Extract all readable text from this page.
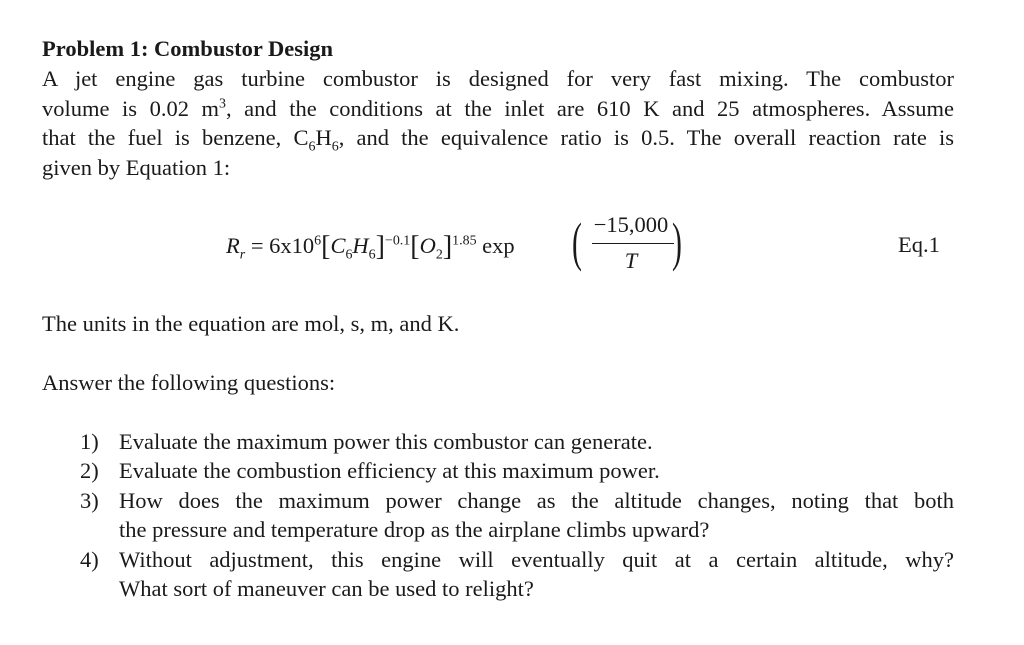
Problem 1: Combustor Design
A jet engine gas turbine combustor is designed for very fast mixing. The combustor
volume is 0.02 $m^3$, and the conditions at the inlet are 610 K and 25 atmospheres. Assume
that the fuel is benzene, $C_6H_6$, and the equivalence ratio is 0.5. The overall reaction rate is
given by Equation 1:
$R_r = 6x10^6[C_6H_6]^{-0.1}[O_2]^{1.85}$ exp ( −15,000
T )	Eq.1
The units in the equation are mol, s, m, and K.
Answer the following questions:
1) Evaluate the maximum power this combustor can generate.
2) Evaluate the combustion efficiency at this maximum power.
3) How does the maximum power change as the altitude changes, noting that both
the pressure and temperature drop as the airplane climbs upward?
4) Without adjustment, this engine will eventually quit at a certain altitude, why?
What sort of maneuver can be used to relight?
